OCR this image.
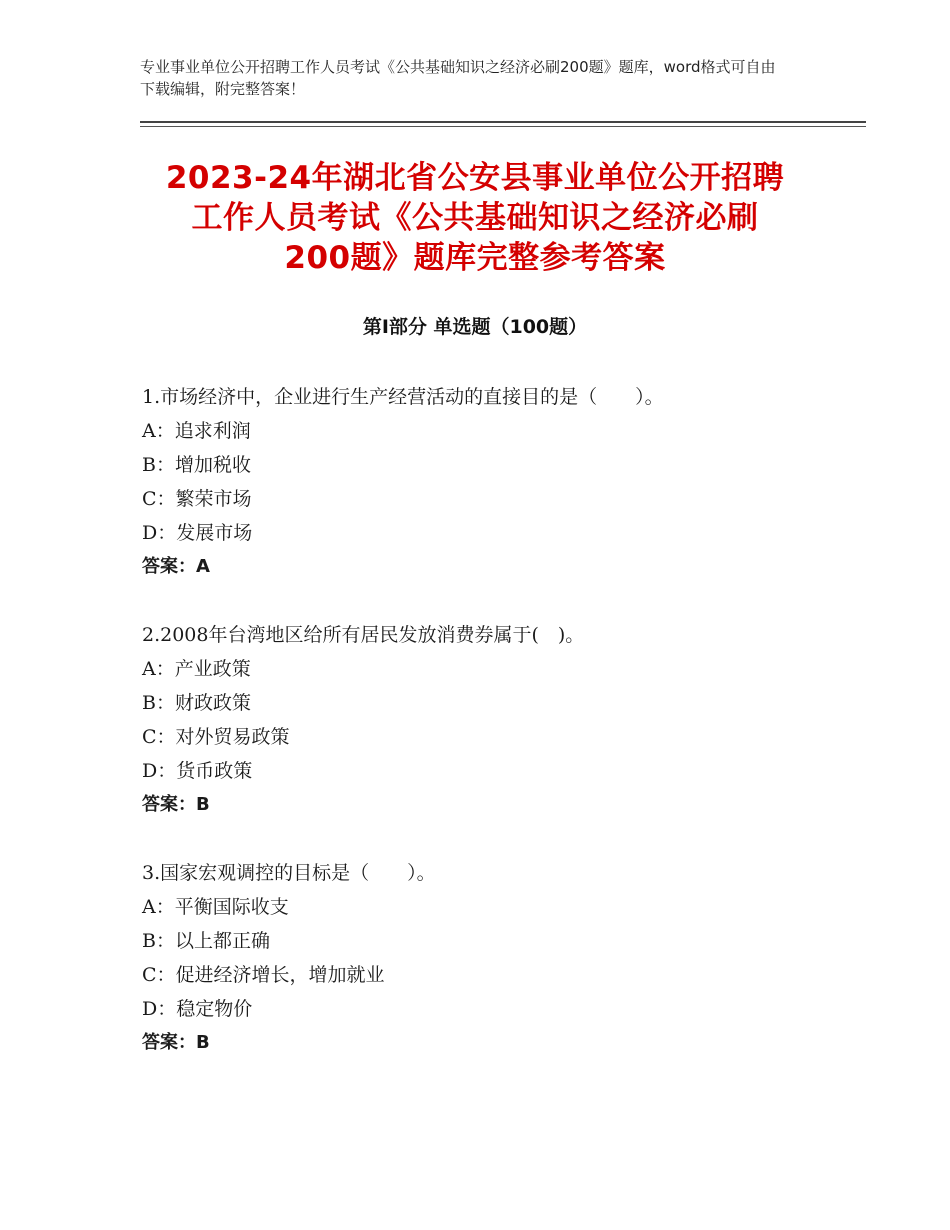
专业事业单位公开招聘工作人员考试《公共基础知识之经济必刷200题》题库，word格式可自由下载编辑，附完整答案！
2023-24年湖北省公安县事业单位公开招聘
工作人员考试《公共基础知识之经济必刷
200题》题库完整参考答案
第Ⅰ部分 单选题（100题）
1.市场经济中，企业进行生产经营活动的直接目的是（　　）。
A：追求利润
B：增加税收
C：繁荣市场
D：发展市场
答案：A
2.2008年台湾地区给所有居民发放消费券属于(　)。
A：产业政策
B：财政政策
C：对外贸易政策
D：货币政策
答案：B
3.国家宏观调控的目标是（　　）。
A：平衡国际收支
B：以上都正确
C：促进经济增长，增加就业
D：稳定物价
答案：B
